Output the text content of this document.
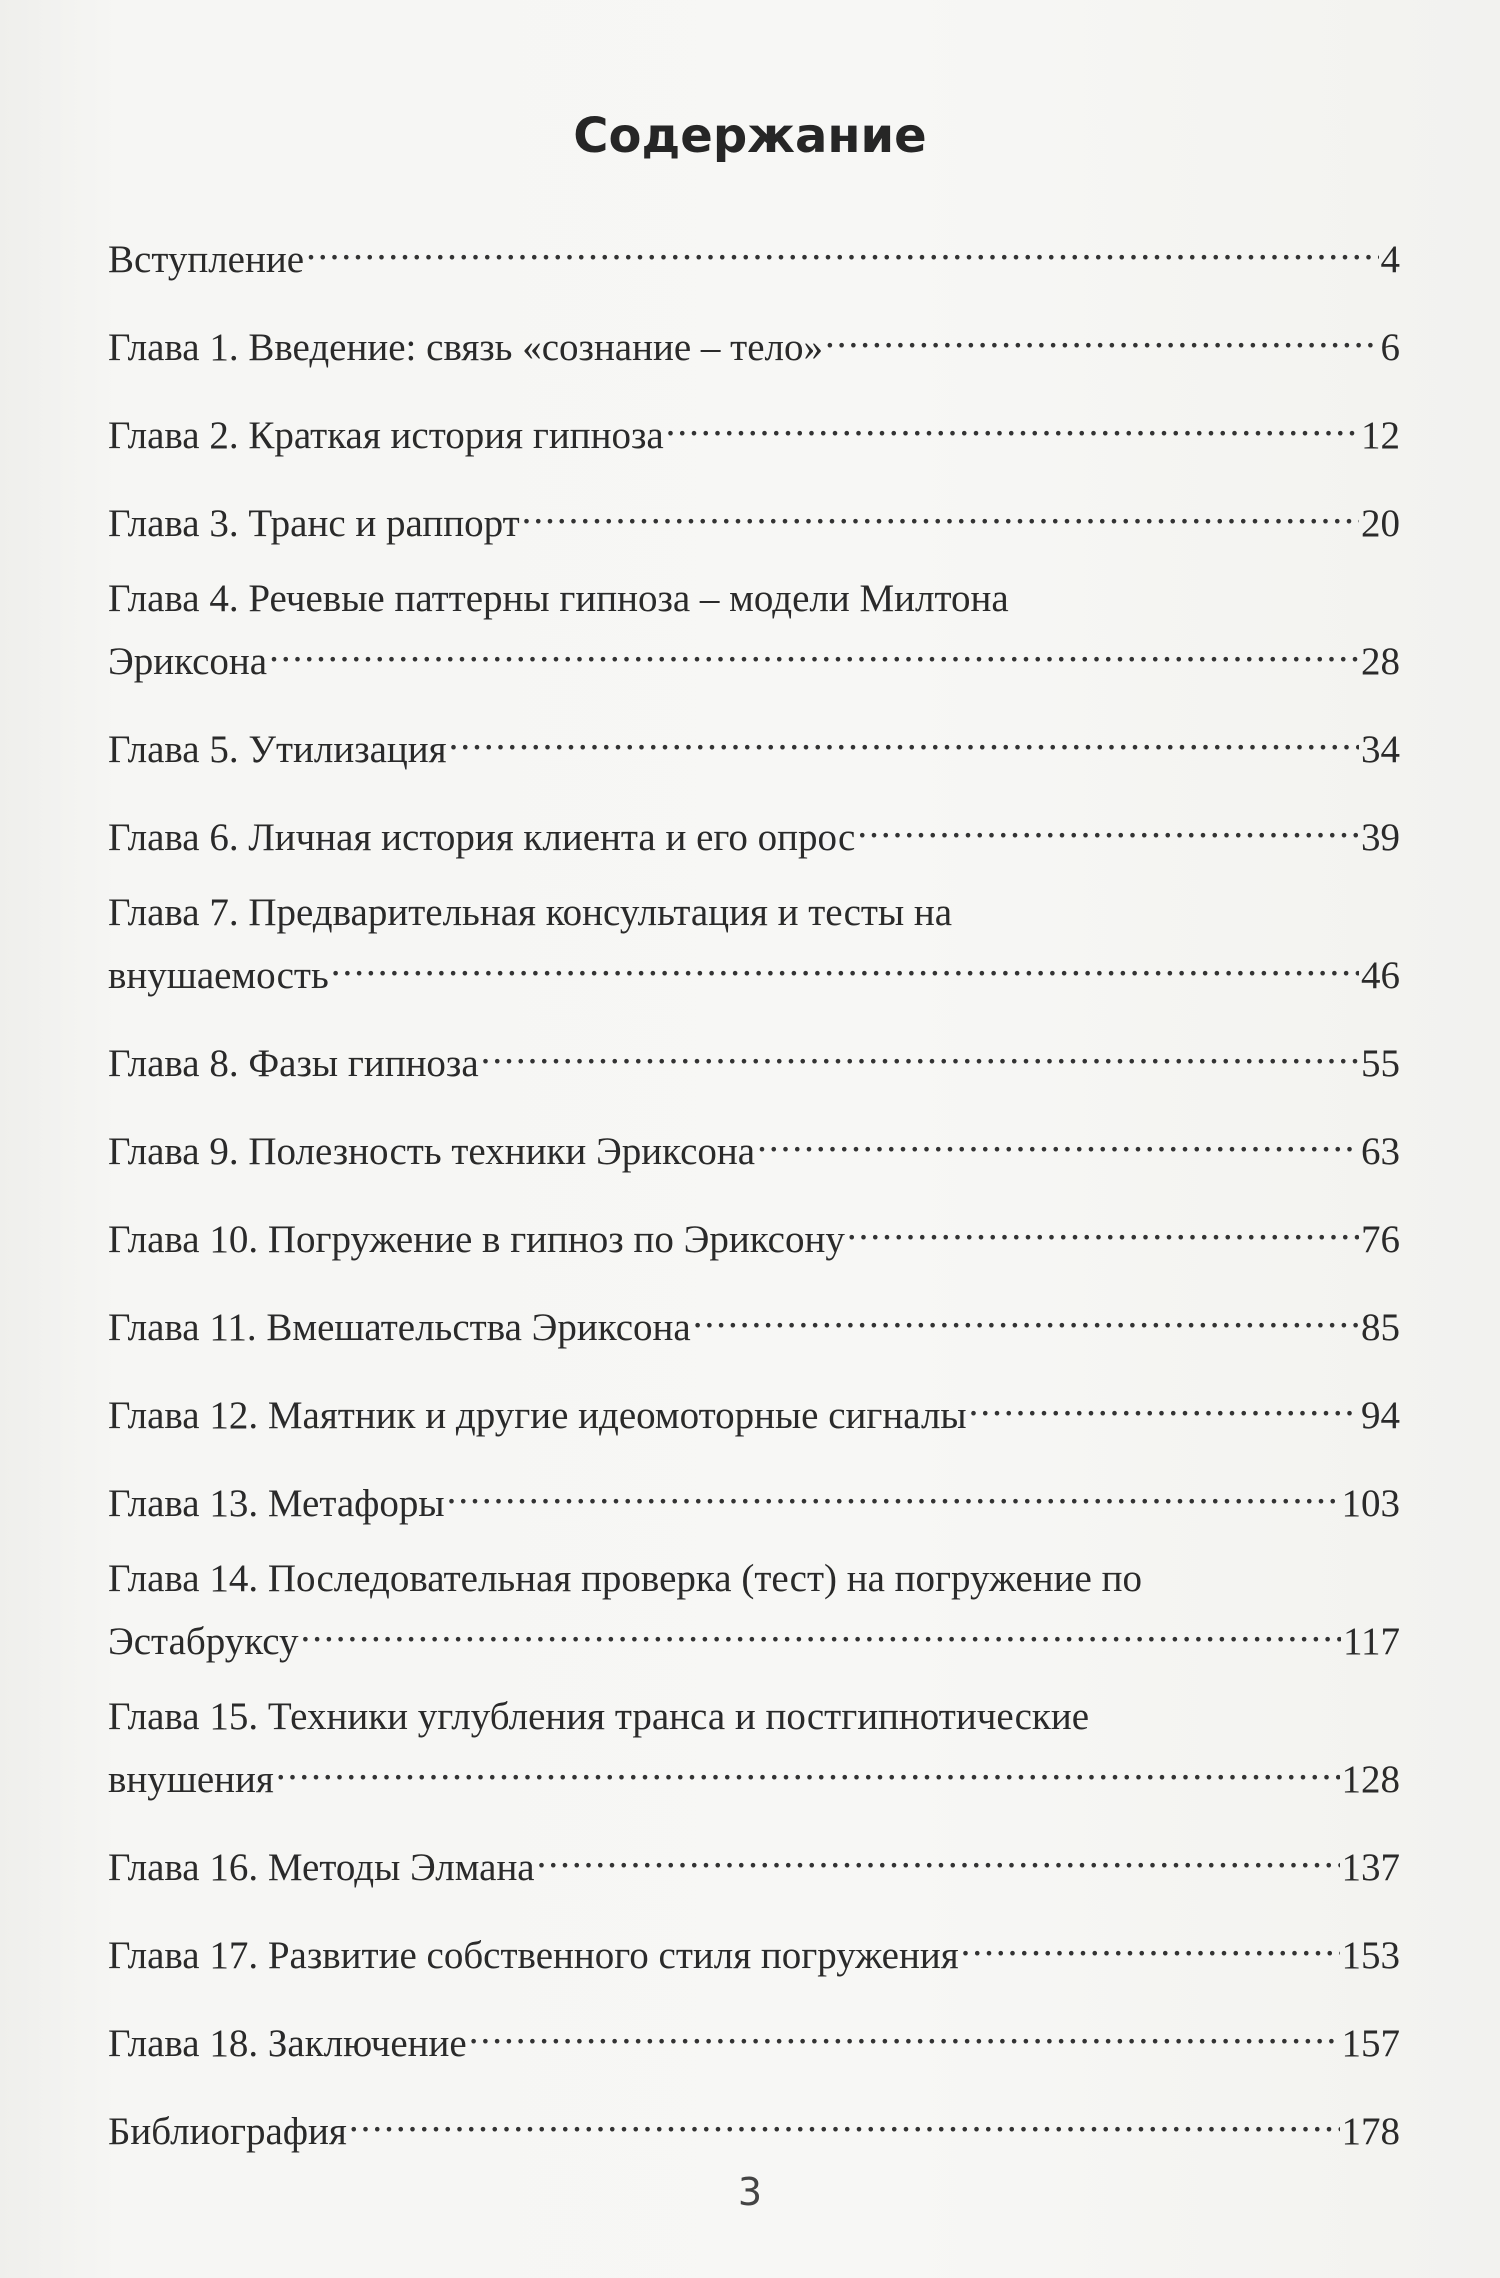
Содержание
Вступление .....	4
Глава 1. Введение: связь «сознание – тело» .....	6
Глава 2. Краткая история гипноза .....	12
Глава 3. Транс и раппорт .....	20
Глава 4. Речевые паттерны гипноза – модели Милтона
Эриксона .....	28
Глава 5. Утилизация .....	34
Глава 6. Личная история клиента и его опрос .....	39
Глава 7. Предварительная консультация и тесты на
внушаемость .....	46
Глава 8. Фазы гипноза .....	55
Глава 9. Полезность техники Эриксона .....	63
Глава 10. Погружение в гипноз по Эриксону .....	76
Глава 11. Вмешательства Эриксона .....	85
Глава 12. Маятник и другие идеомоторные сигналы .....	94
Глава 13. Метафоры .....	103
Глава 14. Последовательная проверка (тест) на погружение по
Эстабруксу .....	117
Глава 15. Техники углубления транса и постгипнотические
внушения .....	128
Глава 16. Методы Элмана .....	137
Глава 17. Развитие собственного стиля погружения .....	153
Глава 18. Заключение .....	157
Библиография .....	178
3
